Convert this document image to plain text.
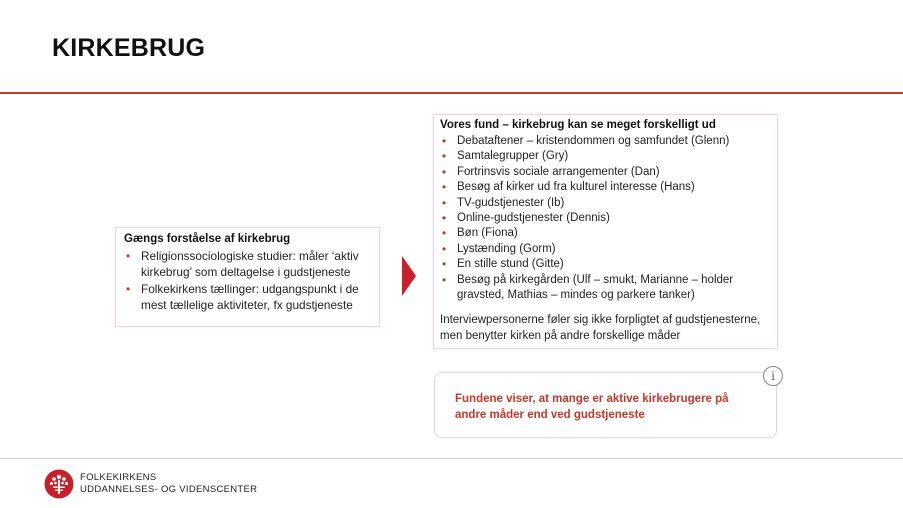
KIRKEBRUG
Gængs forståelse af kirkebrug
• Religionssociologiske studier: måler ‘aktiv kirkebrug’ som deltagelse i gudstjeneste
• Folkekirkens tællinger: udgangspunkt i de mest tællelige aktiviteter, fx gudstjeneste
Vores fund – kirkebrug kan se meget forskelligt ud
• Debataftener – kristendommen og samfundet (Glenn)
• Samtalegrupper (Gry)
• Fortrinsvis sociale arrangementer (Dan)
• Besøg af kirker ud fra kulturel interesse (Hans)
• TV-gudstjenester (Ib)
• Online-gudstjenester (Dennis)
• Bøn (Fiona)
• Lystænding (Gorm)
• En stille stund (Gitte)
• Besøg på kirkegården (Ulf – smukt, Marianne – holder gravsted, Mathias – mindes og parkere tanker)
Interviewpersonerne føler sig ikke forpligtet af gudstjenesterne, men benytter kirken på andre forskellige måder
Fundene viser, at mange er aktive kirkebrugere på andre måder end ved gudstjeneste
i
FOLKEKIRKENS
UDDANNELSES- OG VIDENSCENTER
